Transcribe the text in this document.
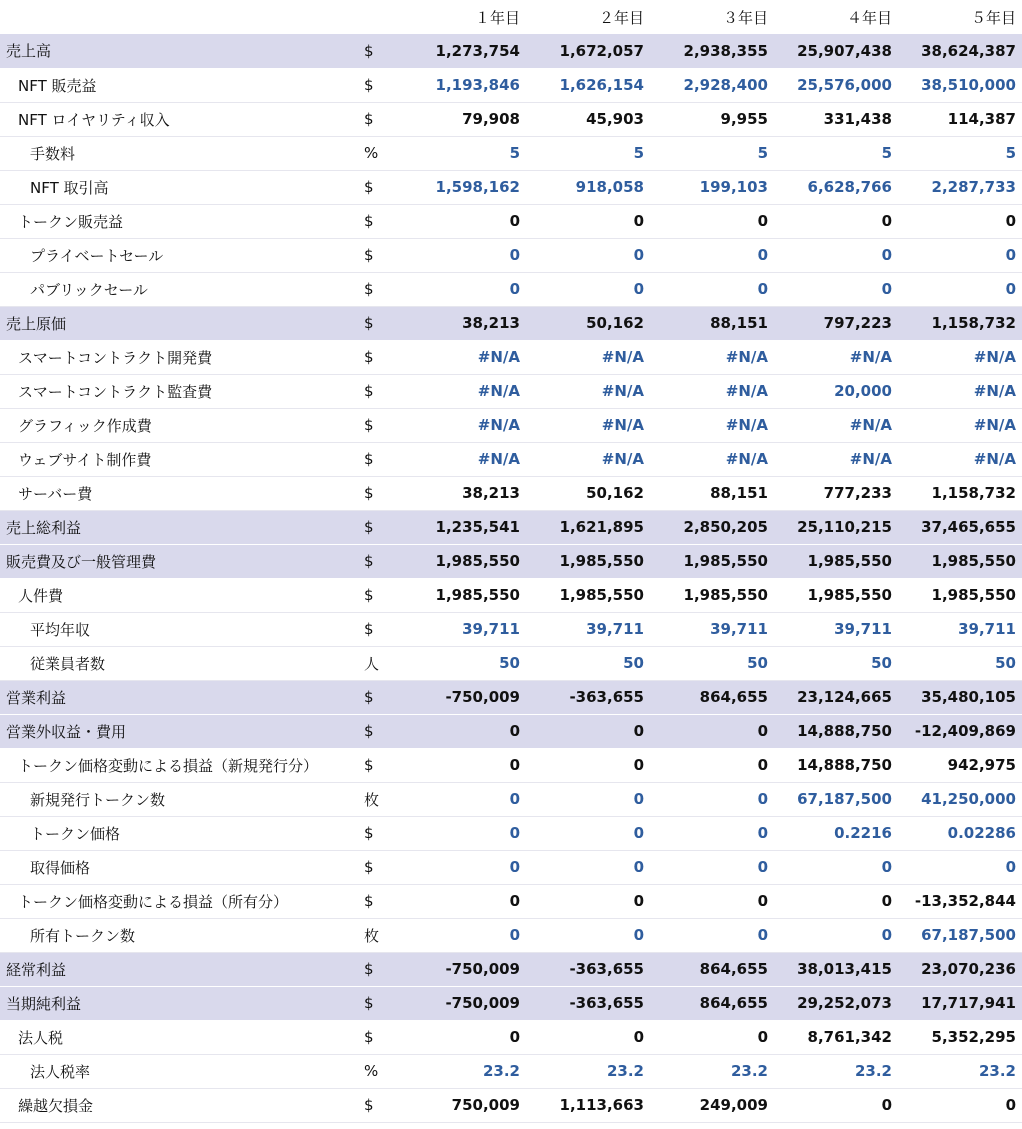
		１年目	２年目	３年目	４年目	５年目
売上高	$	1,273,754	1,672,057	2,938,355	25,907,438	38,624,387
NFT 販売益	$	1,193,846	1,626,154	2,928,400	25,576,000	38,510,000
NFT ロイヤリティ収入	$	79,908	45,903	9,955	331,438	114,387
手数料	%	5	5	5	5	5
NFT 取引高	$	1,598,162	918,058	199,103	6,628,766	2,287,733
トークン販売益	$	0	0	0	0	0
プライベートセール	$	0	0	0	0	0
パブリックセール	$	0	0	0	0	0
売上原価	$	38,213	50,162	88,151	797,223	1,158,732
スマートコントラクト開発費	$	#N/A	#N/A	#N/A	#N/A	#N/A
スマートコントラクト監査費	$	#N/A	#N/A	#N/A	20,000	#N/A
グラフィック作成費	$	#N/A	#N/A	#N/A	#N/A	#N/A
ウェブサイト制作費	$	#N/A	#N/A	#N/A	#N/A	#N/A
サーバー費	$	38,213	50,162	88,151	777,233	1,158,732
売上総利益	$	1,235,541	1,621,895	2,850,205	25,110,215	37,465,655
販売費及び一般管理費	$	1,985,550	1,985,550	1,985,550	1,985,550	1,985,550
人件費	$	1,985,550	1,985,550	1,985,550	1,985,550	1,985,550
平均年収	$	39,711	39,711	39,711	39,711	39,711
従業員者数	人	50	50	50	50	50
営業利益	$	-750,009	-363,655	864,655	23,124,665	35,480,105
営業外収益・費用	$	0	0	0	14,888,750	-12,409,869
トークン価格変動による損益（新規発行分）	$	0	0	0	14,888,750	942,975
新規発行トークン数	枚	0	0	0	67,187,500	41,250,000
トークン価格	$	0	0	0	0.2216	0.02286
取得価格	$	0	0	0	0	0
トークン価格変動による損益（所有分）	$	0	0	0	0	-13,352,844
所有トークン数	枚	0	0	0	0	67,187,500
経常利益	$	-750,009	-363,655	864,655	38,013,415	23,070,236
当期純利益	$	-750,009	-363,655	864,655	29,252,073	17,717,941
法人税	$	0	0	0	8,761,342	5,352,295
法人税率	%	23.2	23.2	23.2	23.2	23.2
繰越欠損金	$	750,009	1,113,663	249,009	0	0
